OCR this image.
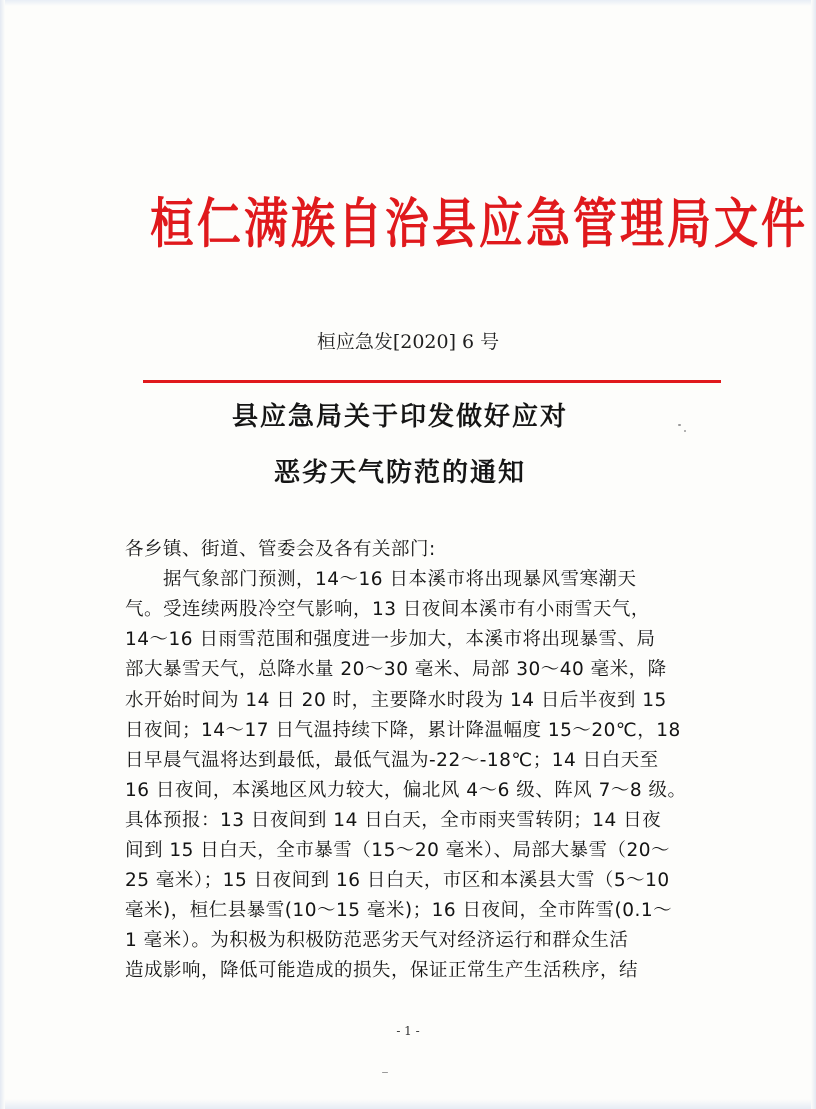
桓仁满族自治县应急管理局文件
桓应急发[2020] 6 号
县应急局关于印发做好应对
恶劣天气防范的通知
各乡镇、街道、管委会及各有关部门:
　　据气象部门预测，14～16 日本溪市将出现暴风雪寒潮天
气。受连续两股冷空气影响，13 日夜间本溪市有小雨雪天气，
14～16 日雨雪范围和强度进一步加大，本溪市将出现暴雪、局
部大暴雪天气，总降水量 20～30 毫米、局部 30～40 毫米，降
水开始时间为 14 日 20 时，主要降水时段为 14 日后半夜到 15
日夜间；14～17 日气温持续下降，累计降温幅度 15～20℃，18
日早晨气温将达到最低，最低气温为-22～-18℃；14 日白天至
16 日夜间，本溪地区风力较大，偏北风 4～6 级、阵风 7～8 级。
具体预报：13 日夜间到 14 日白天，全市雨夹雪转阴；14 日夜
间到 15 日白天，全市暴雪（15～20 毫米）、局部大暴雪（20～
25 毫米）；15 日夜间到 16 日白天，市区和本溪县大雪（5～10
毫米)，桓仁县暴雪(10～15 毫米)；16 日夜间，全市阵雪(0.1～
1 毫米）。为积极为积极防范恶劣天气对经济运行和群众生活
造成影响，降低可能造成的损失，保证正常生产生活秩序，结
- 1 -
